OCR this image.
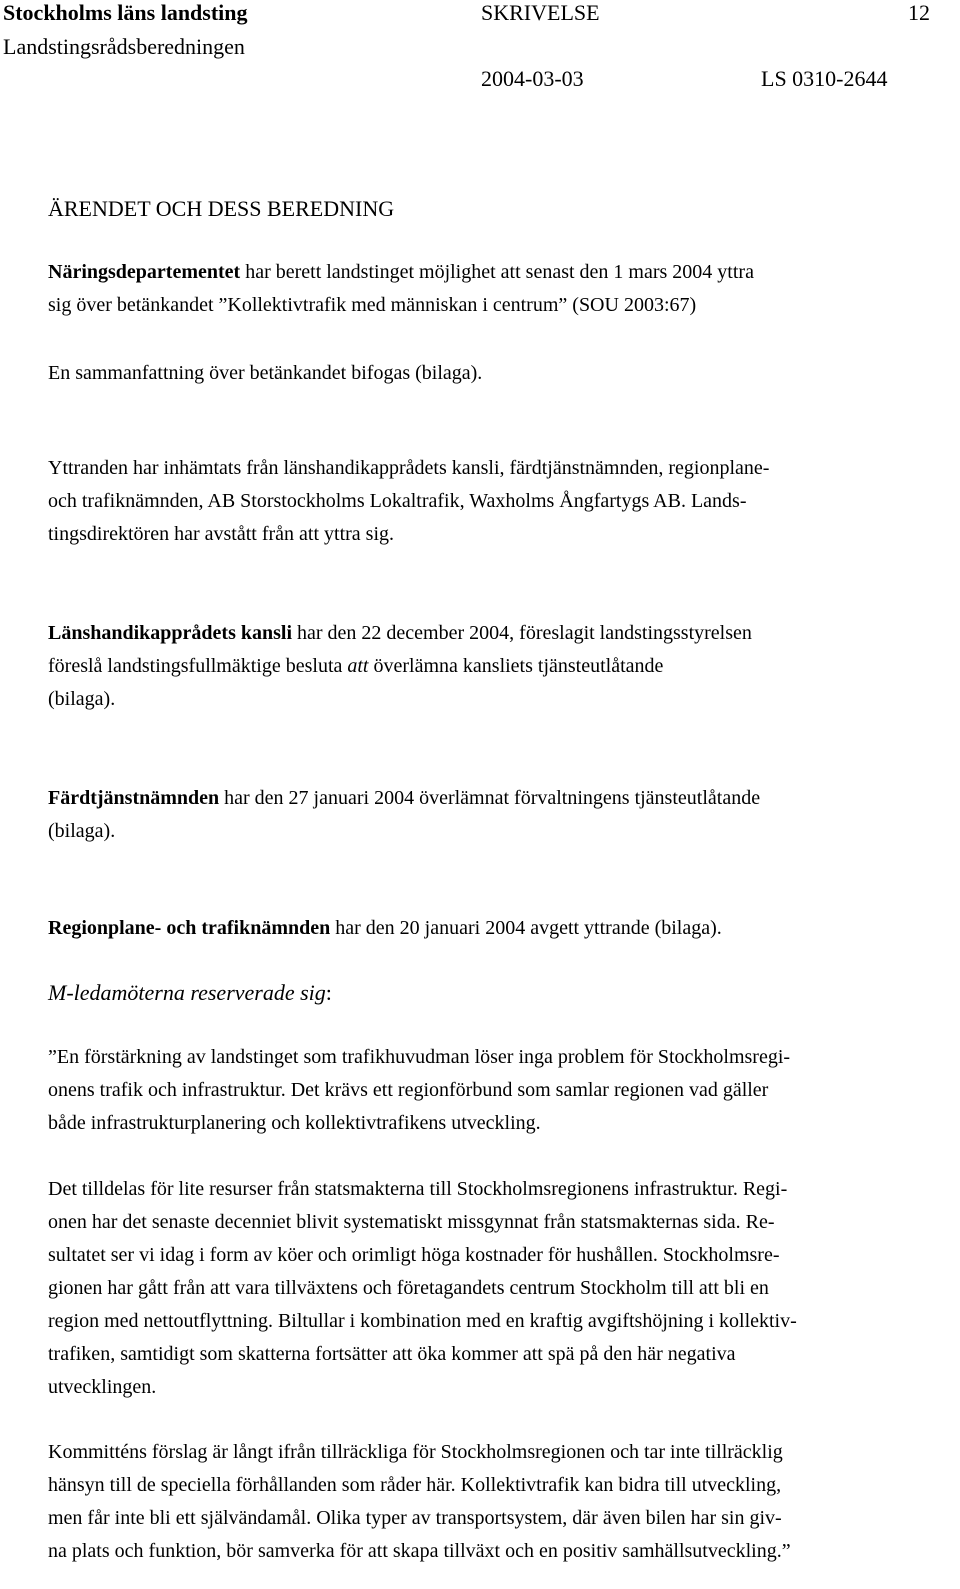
Stockholms läns landsting
Landstingsrådsberedningen
SKRIVELSE	12
2004-03-03	LS 0310-2644
ÄRENDET OCH DESS BEREDNING
Näringsdepartementet har berett landstinget möjlighet att senast den 1 mars 2004 yttra
sig över betänkandet ”Kollektivtrafik med människan i centrum” (SOU 2003:67)
En sammanfattning över betänkandet bifogas (bilaga).
Yttranden har inhämtats från länshandikapprådets kansli, färdtjänstnämnden, regionplane-
och trafiknämnden, AB Storstockholms Lokaltrafik, Waxholms Ångfartygs AB. Lands-
tingsdirektören har avstått från att yttra sig.
Länshandikapprådets kansli har den 22 december 2004, föreslagit landstingsstyrelsen
föreslå landstingsfullmäktige besluta att överlämna kansliets tjänsteutlåtande
(bilaga).
Färdtjänstnämnden har den 27 januari 2004 överlämnat förvaltningens tjänsteutlåtande
(bilaga).
Regionplane- och trafiknämnden har den 20 januari 2004 avgett yttrande (bilaga).
M-ledamöterna reserverade sig:
”En förstärkning av landstinget som trafikhuvudman löser inga problem för Stockholmsregi-
onens trafik och infrastruktur. Det krävs ett regionförbund som samlar regionen vad gäller
både infrastrukturplanering och kollektivtrafikens utveckling.
Det tilldelas för lite resurser från statsmakterna till Stockholmsregionens infrastruktur. Regi-
onen har det senaste decenniet blivit systematiskt missgynnat från statsmakternas sida. Re-
sultatet ser vi idag i form av köer och orimligt höga kostnader för hushållen. Stockholmsre-
gionen har gått från att vara tillväxtens och företagandets centrum Stockholm till att bli en
region med nettoutflyttning. Biltullar i kombination med en kraftig avgiftshöjning i kollektiv-
trafiken, samtidigt som skatterna fortsätter att öka kommer att spä på den här negativa
utvecklingen.
Kommitténs förslag är långt ifrån tillräckliga för Stockholmsregionen och tar inte tillräcklig
hänsyn till de speciella förhållanden som råder här. Kollektivtrafik kan bidra till utveckling,
men får inte bli ett självändamål. Olika typer av transportsystem, där även bilen har sin giv-
na plats och funktion, bör samverka för att skapa tillväxt och en positiv samhällsutveckling.”
